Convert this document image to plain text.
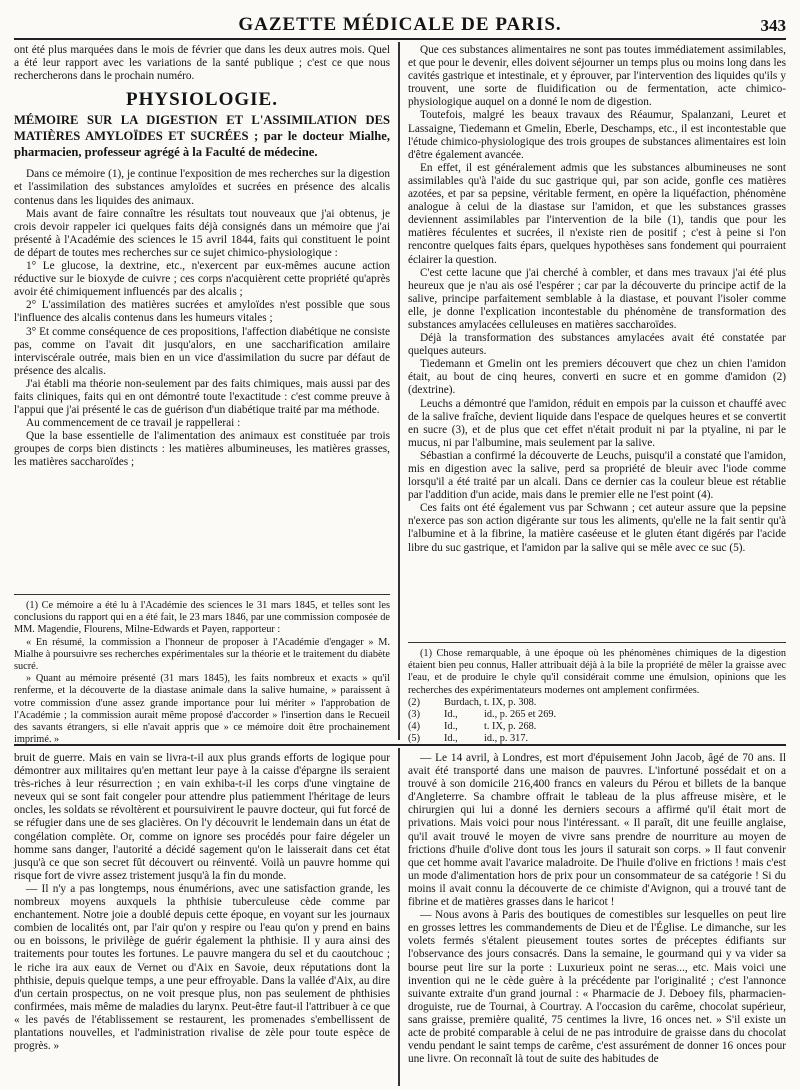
GAZETTE MÉDICALE DE PARIS.	343

ont été plus marquées dans le mois de février que dans les deux autres mois. Quel a été leur rapport avec les variations de la santé publique ; c'est ce que nous rechercherons dans le prochain numéro.

PHYSIOLOGIE.

MÉMOIRE SUR LA DIGESTION ET L'ASSIMILATION DES MATIÈRES AMYLOÏDES ET SUCRÉES ; par le docteur Mialhe, pharmacien, professeur agrégé à la Faculté de médecine.

Dans ce mémoire (1), je continue l'exposition de mes recherches sur la digestion et l'assimilation des substances amyloïdes et sucrées en présence des alcalis contenus dans les liquides des animaux.

Mais avant de faire connaître les résultats tout nouveaux que j'ai obtenus, je crois devoir rappeler ici quelques faits déjà consignés dans un mémoire que j'ai présenté à l'Académie des sciences le 15 avril 1844, faits qui constituent le point de départ de toutes mes recherches sur ce sujet chimico-physiologique :

1° Le glucose, la dextrine, etc., n'exercent par eux-mêmes aucune action réductive sur le bioxyde de cuivre ; ces corps n'acquièrent cette propriété qu'après avoir été chimiquement influencés par des alcalis ;

2° L'assimilation des matières sucrées et amyloïdes n'est possible que sous l'influence des alcalis contenus dans les humeurs vitales ;

3° Et comme conséquence de ces propositions, l'affection diabétique ne consiste pas, comme on l'avait dit jusqu'alors, en une saccharification amilaire interviscérale outrée, mais bien en un vice d'assimilation du sucre par défaut de présence des alcalis.

J'ai établi ma théorie non-seulement par des faits chimiques, mais aussi par des faits cliniques, faits qui en ont démontré toute l'exactitude : c'est comme preuve à l'appui que j'ai présenté le cas de guérison d'un diabétique traité par ma méthode.

Au commencement de ce travail je rappellerai :

Que la base essentielle de l'alimentation des animaux est constituée par trois groupes de corps bien distincts : les matières albumineuses, les matières grasses, les matières saccharoïdes ;

(1) Ce mémoire a été lu à l'Académie des sciences le 31 mars 1845, et telles sont les conclusions du rapport qui en a été fait, le 23 mars 1846, par une commission composée de MM. Magendie, Flourens, Milne-Edwards et Payen, rapporteur :

« En résumé, la commission a l'honneur de proposer à l'Académie d'engager » M. Mialhe à poursuivre ses recherches expérimentales sur la théorie et le traitement du diabète sucré.

» Quant au mémoire présenté (31 mars 1845), les faits nombreux et exacts » qu'il renferme, et la découverte de la diastase animale dans la salive humaine, » paraissent à votre commission d'une assez grande importance pour lui mériter » l'approbation de l'Académie ; la commission aurait même proposé d'accorder » l'insertion dans le Recueil des savants étrangers, si elle n'avait appris que » ce mémoire doit être prochainement imprimé. »

Que ces substances alimentaires ne sont pas toutes immédiatement assimilables, et que pour le devenir, elles doivent séjourner un temps plus ou moins long dans les cavités gastrique et intestinale, et y éprouver, par l'intervention des liquides qu'ils y trouvent, une sorte de fluidification ou de fermentation, acte chimico-physiologique auquel on a donné le nom de digestion.

Toutefois, malgré les beaux travaux des Réaumur, Spalanzani, Leuret et Lassaigne, Tiedemann et Gmelin, Eberle, Deschamps, etc., il est incontestable que l'étude chimico-physiologique des trois groupes de substances alimentaires est loin d'être également avancée.

En effet, il est généralement admis que les substances albumineuses ne sont assimilables qu'à l'aide du suc gastrique qui, par son acide, gonfle ces matières azotées, et par sa pepsine, véritable ferment, en opère la liquéfaction, phénomène analogue à celui de la diastase sur l'amidon, et que les substances grasses deviennent assimilables par l'intervention de la bile (1), tandis que pour les matières féculentes et sucrées, il n'existe rien de positif ; c'est à peine si l'on rencontre quelques faits épars, quelques hypothèses sans fondement qui pourraient éclairer la question.

C'est cette lacune que j'ai cherché à combler, et dans mes travaux j'ai été plus heureux que je n'au ais osé l'espérer ; car par la découverte du principe actif de la salive, principe parfaitement semblable à la diastase, et pouvant l'isoler comme elle, je donne l'explication incontestable du phénomène de transformation des substances amylacées celluleuses en matières saccharoïdes.

Déjà la transformation des substances amylacées avait été constatée par quelques auteurs.

Tiedemann et Gmelin ont les premiers découvert que chez un chien l'amidon était, au bout de cinq heures, converti en sucre et en gomme d'amidon (2) (dextrine).

Leuchs a démontré que l'amidon, réduit en empois par la cuisson et chauffé avec de la salive fraîche, devient liquide dans l'espace de quelques heures et se convertit en sucre (3), et de plus que cet effet n'était produit ni par la ptyaline, ni par le mucus, ni par l'albumine, mais seulement par la salive.

Sébastian a confirmé la découverte de Leuchs, puisqu'il a constaté que l'amidon, mis en digestion avec la salive, perd sa propriété de bleuir avec l'iode comme lorsqu'il a été traité par un alcali. Dans ce dernier cas la couleur bleue est rétablie par l'addition d'un acide, mais dans le premier elle ne l'est point (4).

Ces faits ont été également vus par Schwann ; cet auteur assure que la pepsine n'exerce pas son action digérante sur tous les aliments, qu'elle ne la fait sentir qu'à l'albumine et à la fibrine, la matière caséeuse et le gluten étant digérés par l'acide libre du suc gastrique, et l'amidon par la salive qui se mêle avec ce suc (5).

(1) Chose remarquable, à une époque où les phénomènes chimiques de la digestion étaient bien peu connus, Haller attribuait déjà à la bile la propriété de mêler la graisse avec l'eau, et de produire le chyle qu'il considérait comme une émulsion, opinions que les recherches des expérimentateurs modernes ont amplement confirmées.

(2)	Burdach, t. IX, p. 308.
(3)	Id.,	id., p. 265 et 269.
(4)	Id.,	t. IX, p. 268.
(5)	Id.,	id., p. 317.

bruit de guerre. Mais en vain se livra-t-il aux plus grands efforts de logique pour démontrer aux militaires qu'en mettant leur paye à la caisse d'épargne ils seraient très-riches à leur résurrection ; en vain exhiba-t-il les corps d'une vingtaine de neveux qui se sont fait congeler pour attendre plus patiemment l'héritage de leurs oncles, les soldats se révoltèrent et poursuivirent le pauvre docteur, qui fut forcé de se réfugier dans une de ses glacières. On l'y découvrit le lendemain dans un état de congélation complète. Or, comme on ignore ses procédés pour faire dégeler un homme sans danger, l'autorité a décidé sagement qu'on le laisserait dans cet état jusqu'à ce que son secret fût découvert ou réinventé. Voilà un pauvre homme qui risque fort de vivre assez tristement jusqu'à la fin du monde.

— Il n'y a pas longtemps, nous énumérions, avec une satisfaction grande, les nombreux moyens auxquels la phthisie tuberculeuse cède comme par enchantement. Notre joie a doublé depuis cette époque, en voyant sur les journaux combien de localités ont, par l'air qu'on y respire ou l'eau qu'on y prend en bains ou en boissons, le privilège de guérir également la phthisie. Il y aura ainsi des traitements pour toutes les fortunes. Le pauvre mangera du sel et du caoutchouc ; le riche ira aux eaux de Vernet ou d'Aix en Savoie, deux réputations dont la phthisie, depuis quelque temps, a une peur effroyable. Dans la vallée d'Aix, au dire d'un certain prospectus, on ne voit presque plus, non pas seulement de phthisies confirmées, mais même de maladies du larynx. Peut-être faut-il l'attribuer à ce que « les pavés de l'établissement se restaurent, les promenades s'embellissent de plantations nouvelles, et l'administration rivalise de zèle pour toute espèce de progrès. »

— Le 14 avril, à Londres, est mort d'épuisement John Jacob, âgé de 70 ans. Il avait été transporté dans une maison de pauvres. L'infortuné possédait et on a trouvé à son domicile 216,400 francs en valeurs du Pérou et billets de la banque d'Angleterre. Sa chambre offrait le tableau de la plus affreuse misère, et le chirurgien qui lui a donné les derniers secours a affirmé qu'il était mort de privations. Mais voici pour nous l'intéressant. « Il paraît, dit une feuille anglaise, qu'il avait trouvé le moyen de vivre sans prendre de nourriture au moyen de frictions d'huile d'olive dont tous les jours il saturait son corps. » Il faut convenir que cet homme avait l'avarice maladroite. De l'huile d'olive en frictions ! mais c'est un mode d'alimentation hors de prix pour un consommateur de sa catégorie ! Si du moins il avait connu la découverte de ce chimiste d'Avignon, qui a trouvé tant de fibrine et de matières grasses dans le haricot !

— Nous avons à Paris des boutiques de comestibles sur lesquelles on peut lire en grosses lettres les commandements de Dieu et de l'Église. Le dimanche, sur les volets fermés s'étalent pieusement toutes sortes de préceptes édifiants sur l'observance des jours consacrés. Dans la semaine, le gourmand qui y va vider sa bourse peut lire sur la porte : Luxurieux point ne seras..., etc. Mais voici une invention qui ne le cède guère à la précédente par l'originalité ; c'est l'annonce suivante extraite d'un grand journal : « Pharmacie de J. Deboey fils, pharmacien-droguiste, rue de Tournai, à Courtray. A l'occasion du carême, chocolat supérieur, sans graisse, première qualité, 75 centimes la livre, 16 onces net. » S'il existe un acte de probité comparable à celui de ne pas introduire de graisse dans du chocolat vendu pendant le saint temps de carême, c'est assurément de donner 16 onces pour une livre. On reconnaît là tout de suite des habitudes de
